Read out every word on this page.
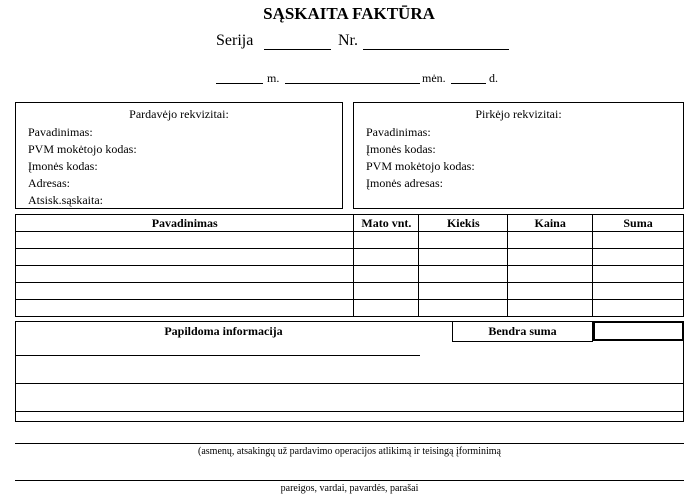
SĄSKAITA FAKTŪRA
Serija	Nr.
m.	mėn.	d.
Pardavėjo rekvizitai:
Pavadinimas:
PVM mokėtojo kodas:
Įmonės kodas:
Adresas:
Atsisk.sąskaita:
Pirkėjo rekvizitai:
Pavadinimas:
Įmonės kodas:
PVM mokėtojo kodas:
Įmonės adresas:
Pavadinimas	Mato vnt.	Kiekis	Kaina	Suma

Papildoma informacija	Bendra suma
(asmenų, atsakingų už pardavimo operacijos atlikimą ir teisingą įforminimą
pareigos, vardai, pavardės, parašai
